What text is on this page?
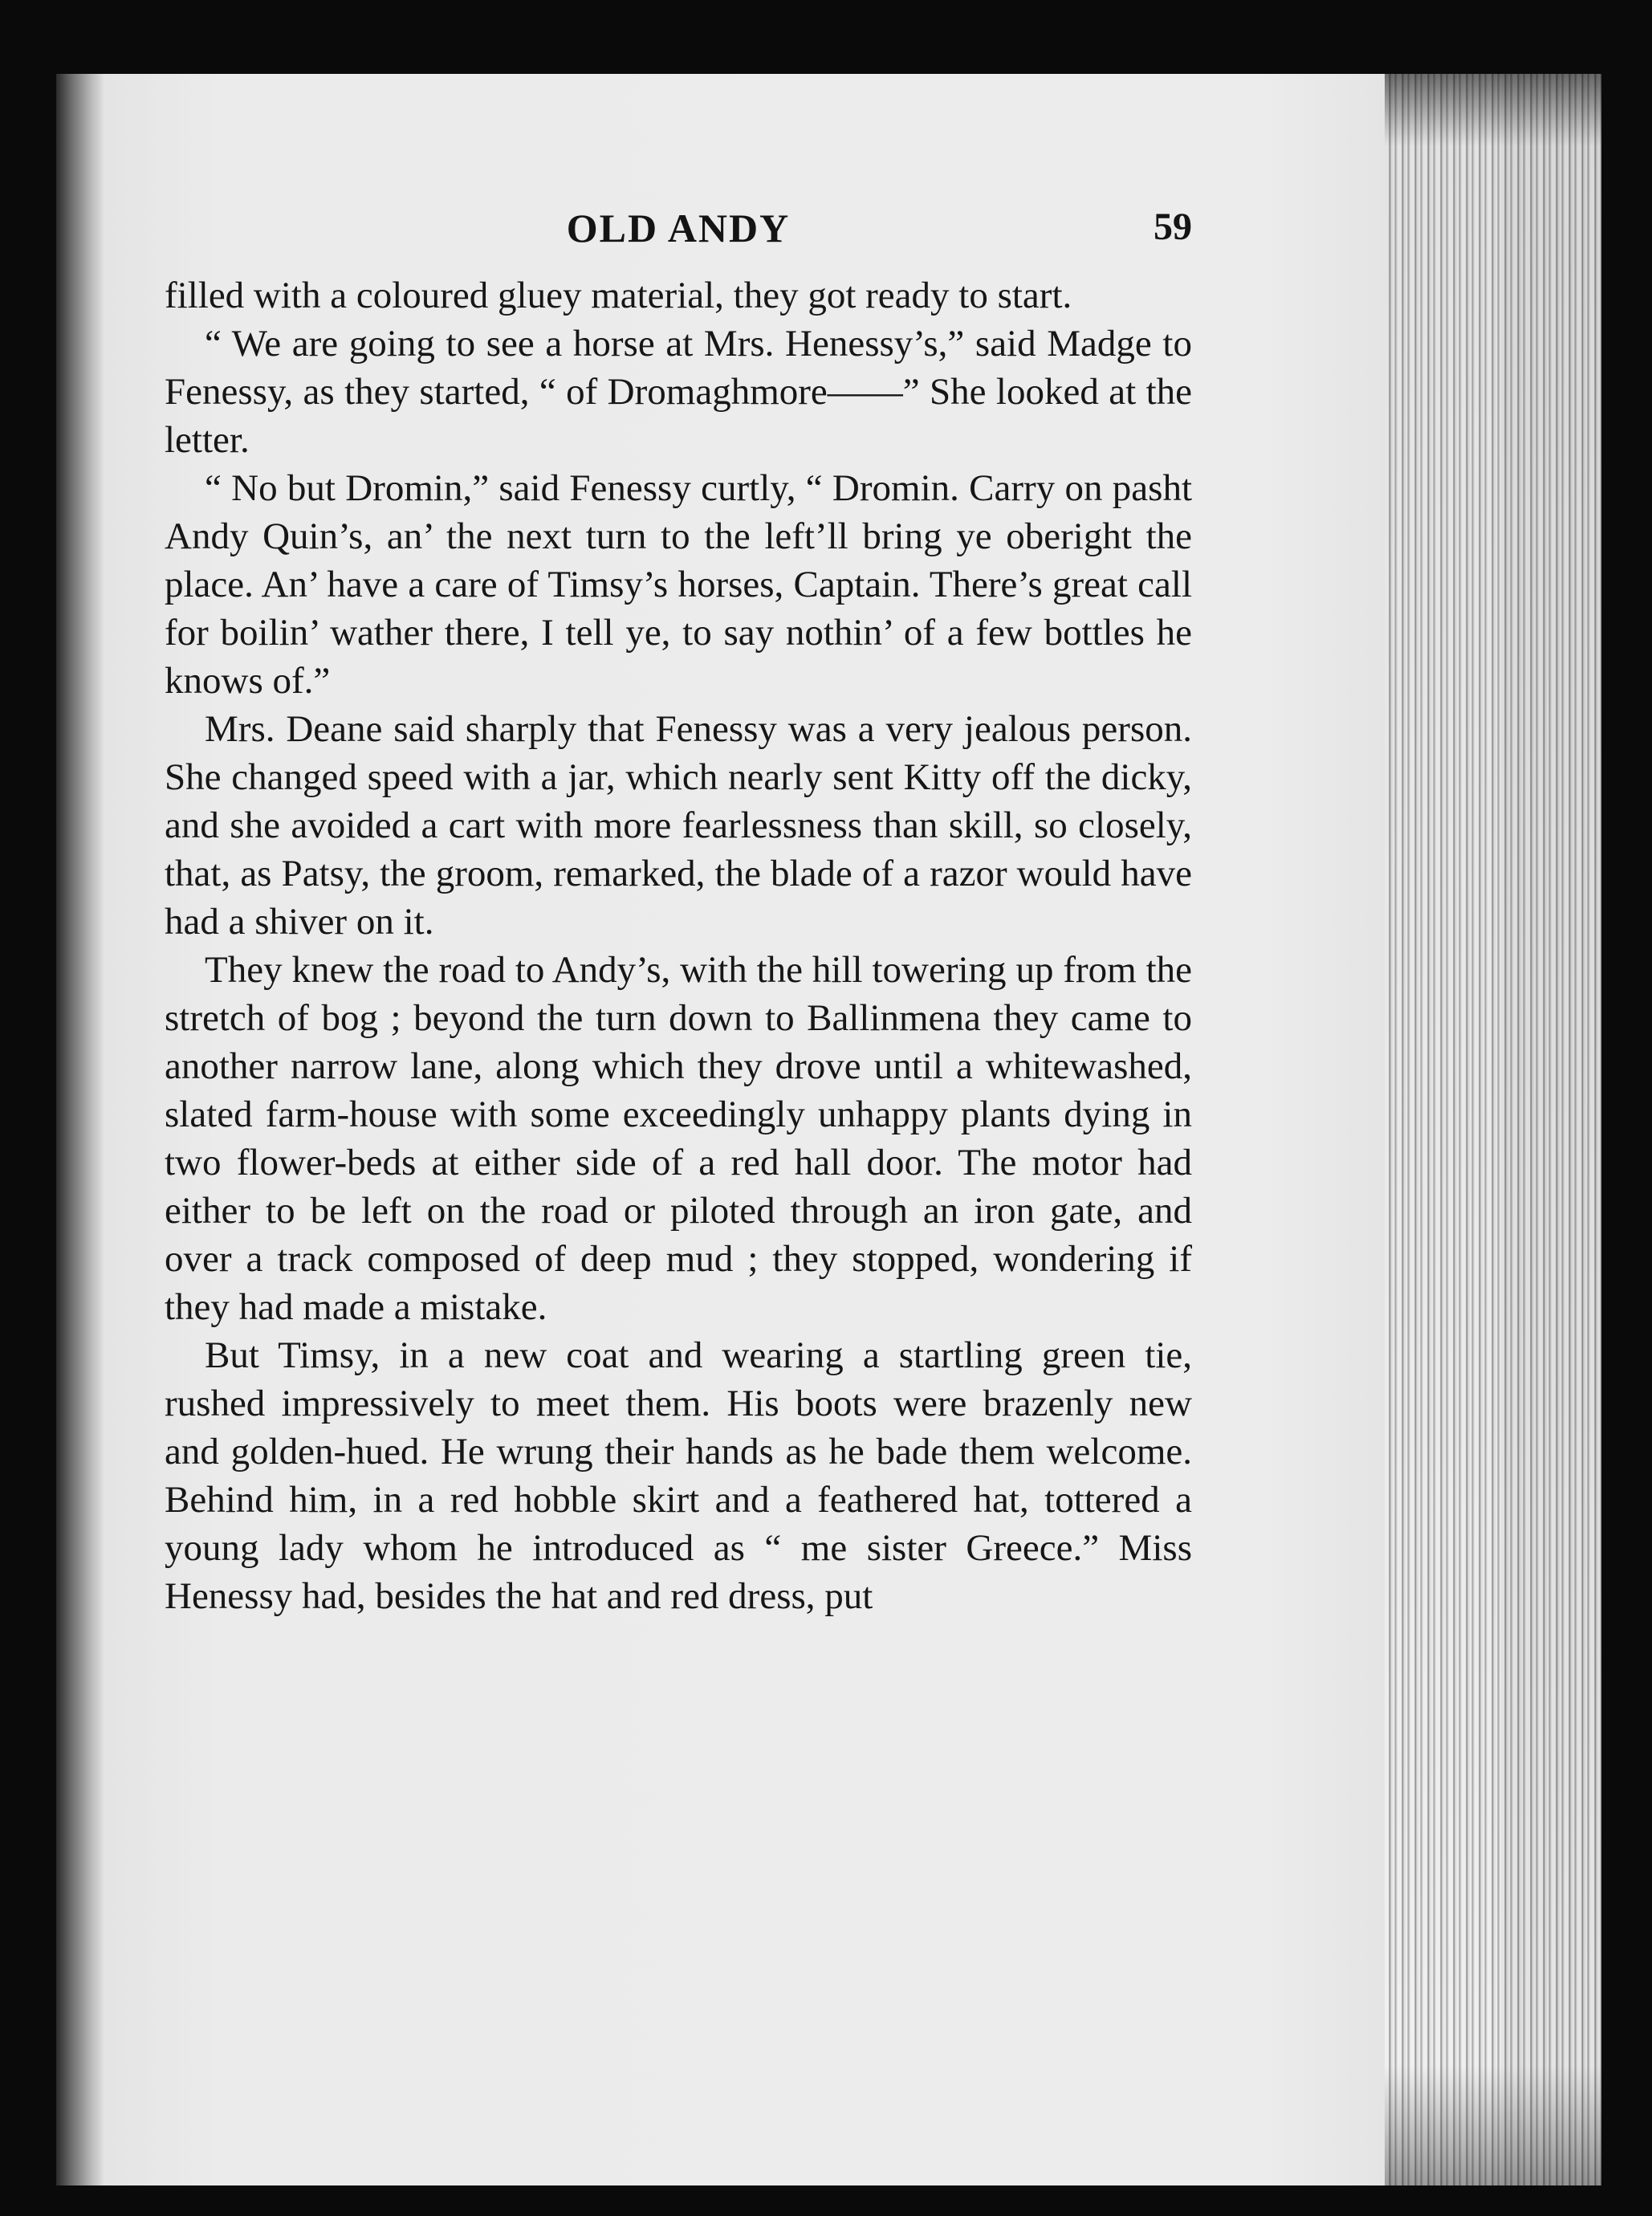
OLD ANDY	59

filled with a coloured gluey material, they got ready to start.

“ We are going to see a horse at Mrs. Henessy’s,” said Madge to Fenessy, as they started, “ of Dromaghmore——” She looked at the letter.

“ No but Dromin,” said Fenessy curtly, “ Dromin. Carry on pasht Andy Quin’s, an’ the next turn to the left’ll bring ye oberight the place. An’ have a care of Timsy’s horses, Captain. There’s great call for boilin’ wather there, I tell ye, to say nothin’ of a few bottles he knows of.”

Mrs. Deane said sharply that Fenessy was a very jealous person. She changed speed with a jar, which nearly sent Kitty off the dicky, and she avoided a cart with more fearlessness than skill, so closely, that, as Patsy, the groom, remarked, the blade of a razor would have had a shiver on it.

They knew the road to Andy’s, with the hill towering up from the stretch of bog ; beyond the turn down to Ballinmena they came to another narrow lane, along which they drove until a whitewashed, slated farm-house with some exceedingly unhappy plants dying in two flower-beds at either side of a red hall door. The motor had either to be left on the road or piloted through an iron gate, and over a track composed of deep mud ; they stopped, wondering if they had made a mistake.

But Timsy, in a new coat and wearing a startling green tie, rushed impressively to meet them. His boots were brazenly new and golden-hued. He wrung their hands as he bade them welcome. Behind him, in a red hobble skirt and a feathered hat, tottered a young lady whom he introduced as “ me sister Greece.” Miss Henessy had, besides the hat and red dress, put
